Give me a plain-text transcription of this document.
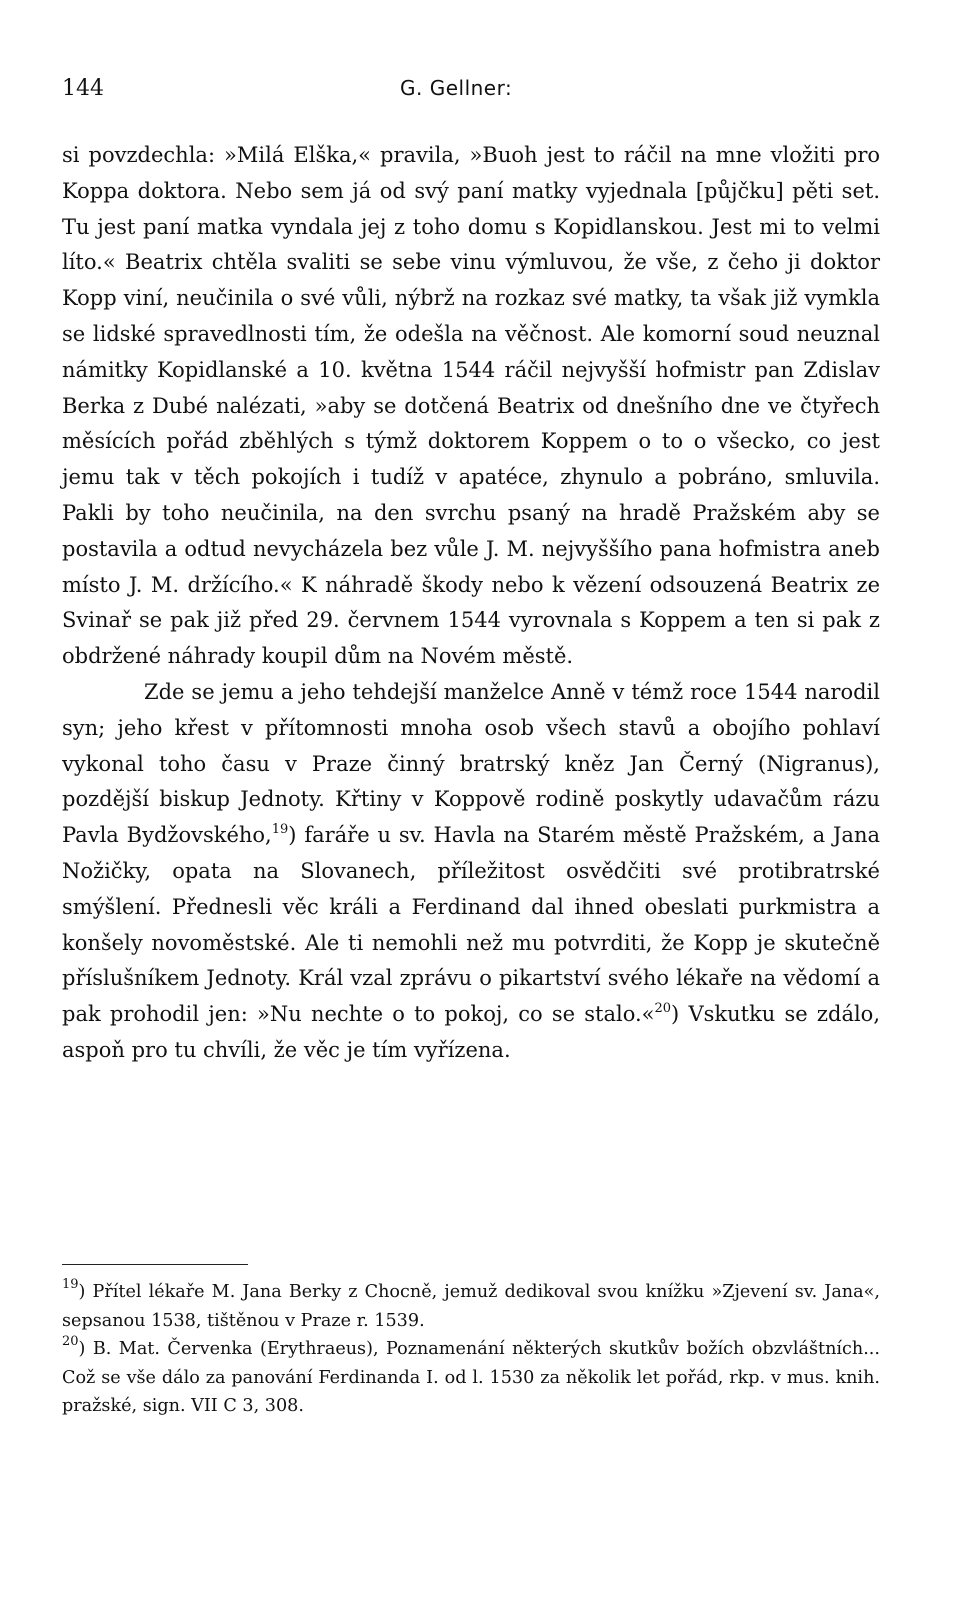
144	G. Gellner:

si povzdechla: »Milá Elška,« pravila, »Buoh jest to ráčil na mne vložiti pro Koppa doktora. Nebo sem já od svý paní matky vyjednala [půjčku] pěti set. Tu jest paní matka vyndala jej z toho domu s Kopidlanskou. Jest mi to velmi líto.« Beatrix chtěla svaliti se sebe vinu výmluvou, že vše, z čeho ji doktor Kopp viní, neučinila o své vůli, nýbrž na rozkaz své matky, ta však již vymkla se lidské spravedlnosti tím, že odešla na věčnost. Ale komorní soud neuznal námitky Kopidlanské a 10. května 1544 ráčil nejvyšší hofmistr pan Zdislav Berka z Dubé nalézati, »aby se dotčená Beatrix od dnešního dne ve čtyřech měsících pořád zběhlých s týmž doktorem Koppem o to o všecko, co jest jemu tak v těch pokojích i tudíž v apatéce, zhynulo a pobráno, smluvila. Pakli by toho neučinila, na den svrchu psaný na hradě Pražském aby se postavila a odtud nevycházela bez vůle J. M. nejvyššího pana hofmistra aneb místo J. M. držícího.« K náhradě škody nebo k vězení odsouzená Beatrix ze Svinař se pak již před 29. červnem 1544 vyrovnala s Koppem a ten si pak z obdržené náhrady koupil dům na Novém městě.

Zde se jemu a jeho tehdejší manželce Anně v témž roce 1544 narodil syn; jeho křest v přítomnosti mnoha osob všech stavů a obojího pohlaví vykonal toho času v Praze činný bratrský kněz Jan Černý (Nigranus), pozdější biskup Jednoty. Křtiny v Koppově rodině poskytly udavačům rázu Pavla Bydžovského,$^{19}$) faráře u sv. Havla na Starém městě Pražském, a Jana Nožičky, opata na Slovanech, příležitost osvědčiti své protibratrské smýšlení. Přednesli věc králi a Ferdinand dal ihned obeslati purkmistra a konšely novoměstské. Ale ti nemohli než mu potvrditi, že Kopp je skutečně příslušníkem Jednoty. Král vzal zprávu o pikartství svého lékaře na vědomí a pak prohodil jen: »Nu nechte o to pokoj, co se stalo.«$^{20}$) Vskutku se zdálo, aspoň pro tu chvíli, že věc je tím vyřízena.

$^{19}$) Přítel lékaře M. Jana Berky z Chocně, jemuž dedikoval svou knížku »Zjevení sv. Jana«, sepsanou 1538, tištěnou v Praze r. 1539.

$^{20}$) B. Mat. Červenka (Erythraeus), Poznamenání některých skutkův božích obzvláštních... Což se vše dálo za panování Ferdinanda I. od l. 1530 za několik let pořád, rkp. v mus. knih. pražské, sign. VII C 3, 308.
